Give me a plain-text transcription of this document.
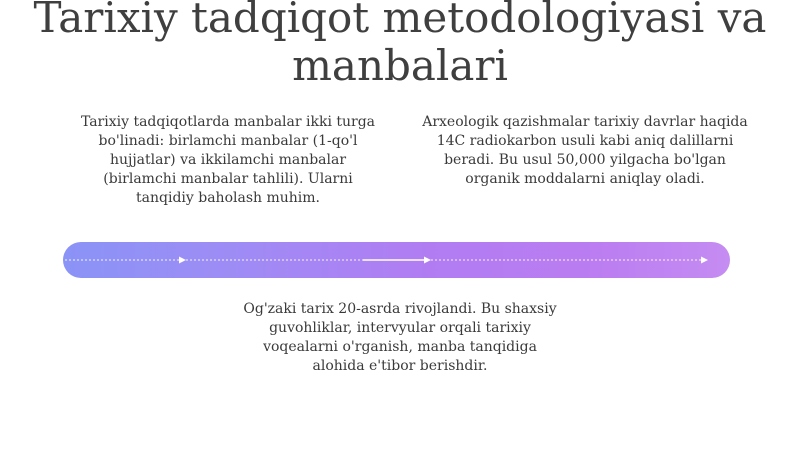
Tarixiy tadqiqot metodologiyasi va manbalari
Tarixiy tadqiqotlarda manbalar ikki turga bo'linadi: birlamchi manbalar (1-qo'l hujjatlar) va ikkilamchi manbalar (birlamchi manbalar tahlili). Ularni tanqidiy baholash muhim.
Arxeologik qazishmalar tarixiy davrlar haqida 14C radiokarbon usuli kabi aniq dalillarni beradi. Bu usul 50,000 yilgacha bo'lgan organik moddalarni aniqlay oladi.
Og'zaki tarix 20-asrda rivojlandi. Bu shaxsiy guvohliklar, intervyular orqali tarixiy voqealarni o'rganish, manba tanqidiga alohida e'tibor berishdir.
